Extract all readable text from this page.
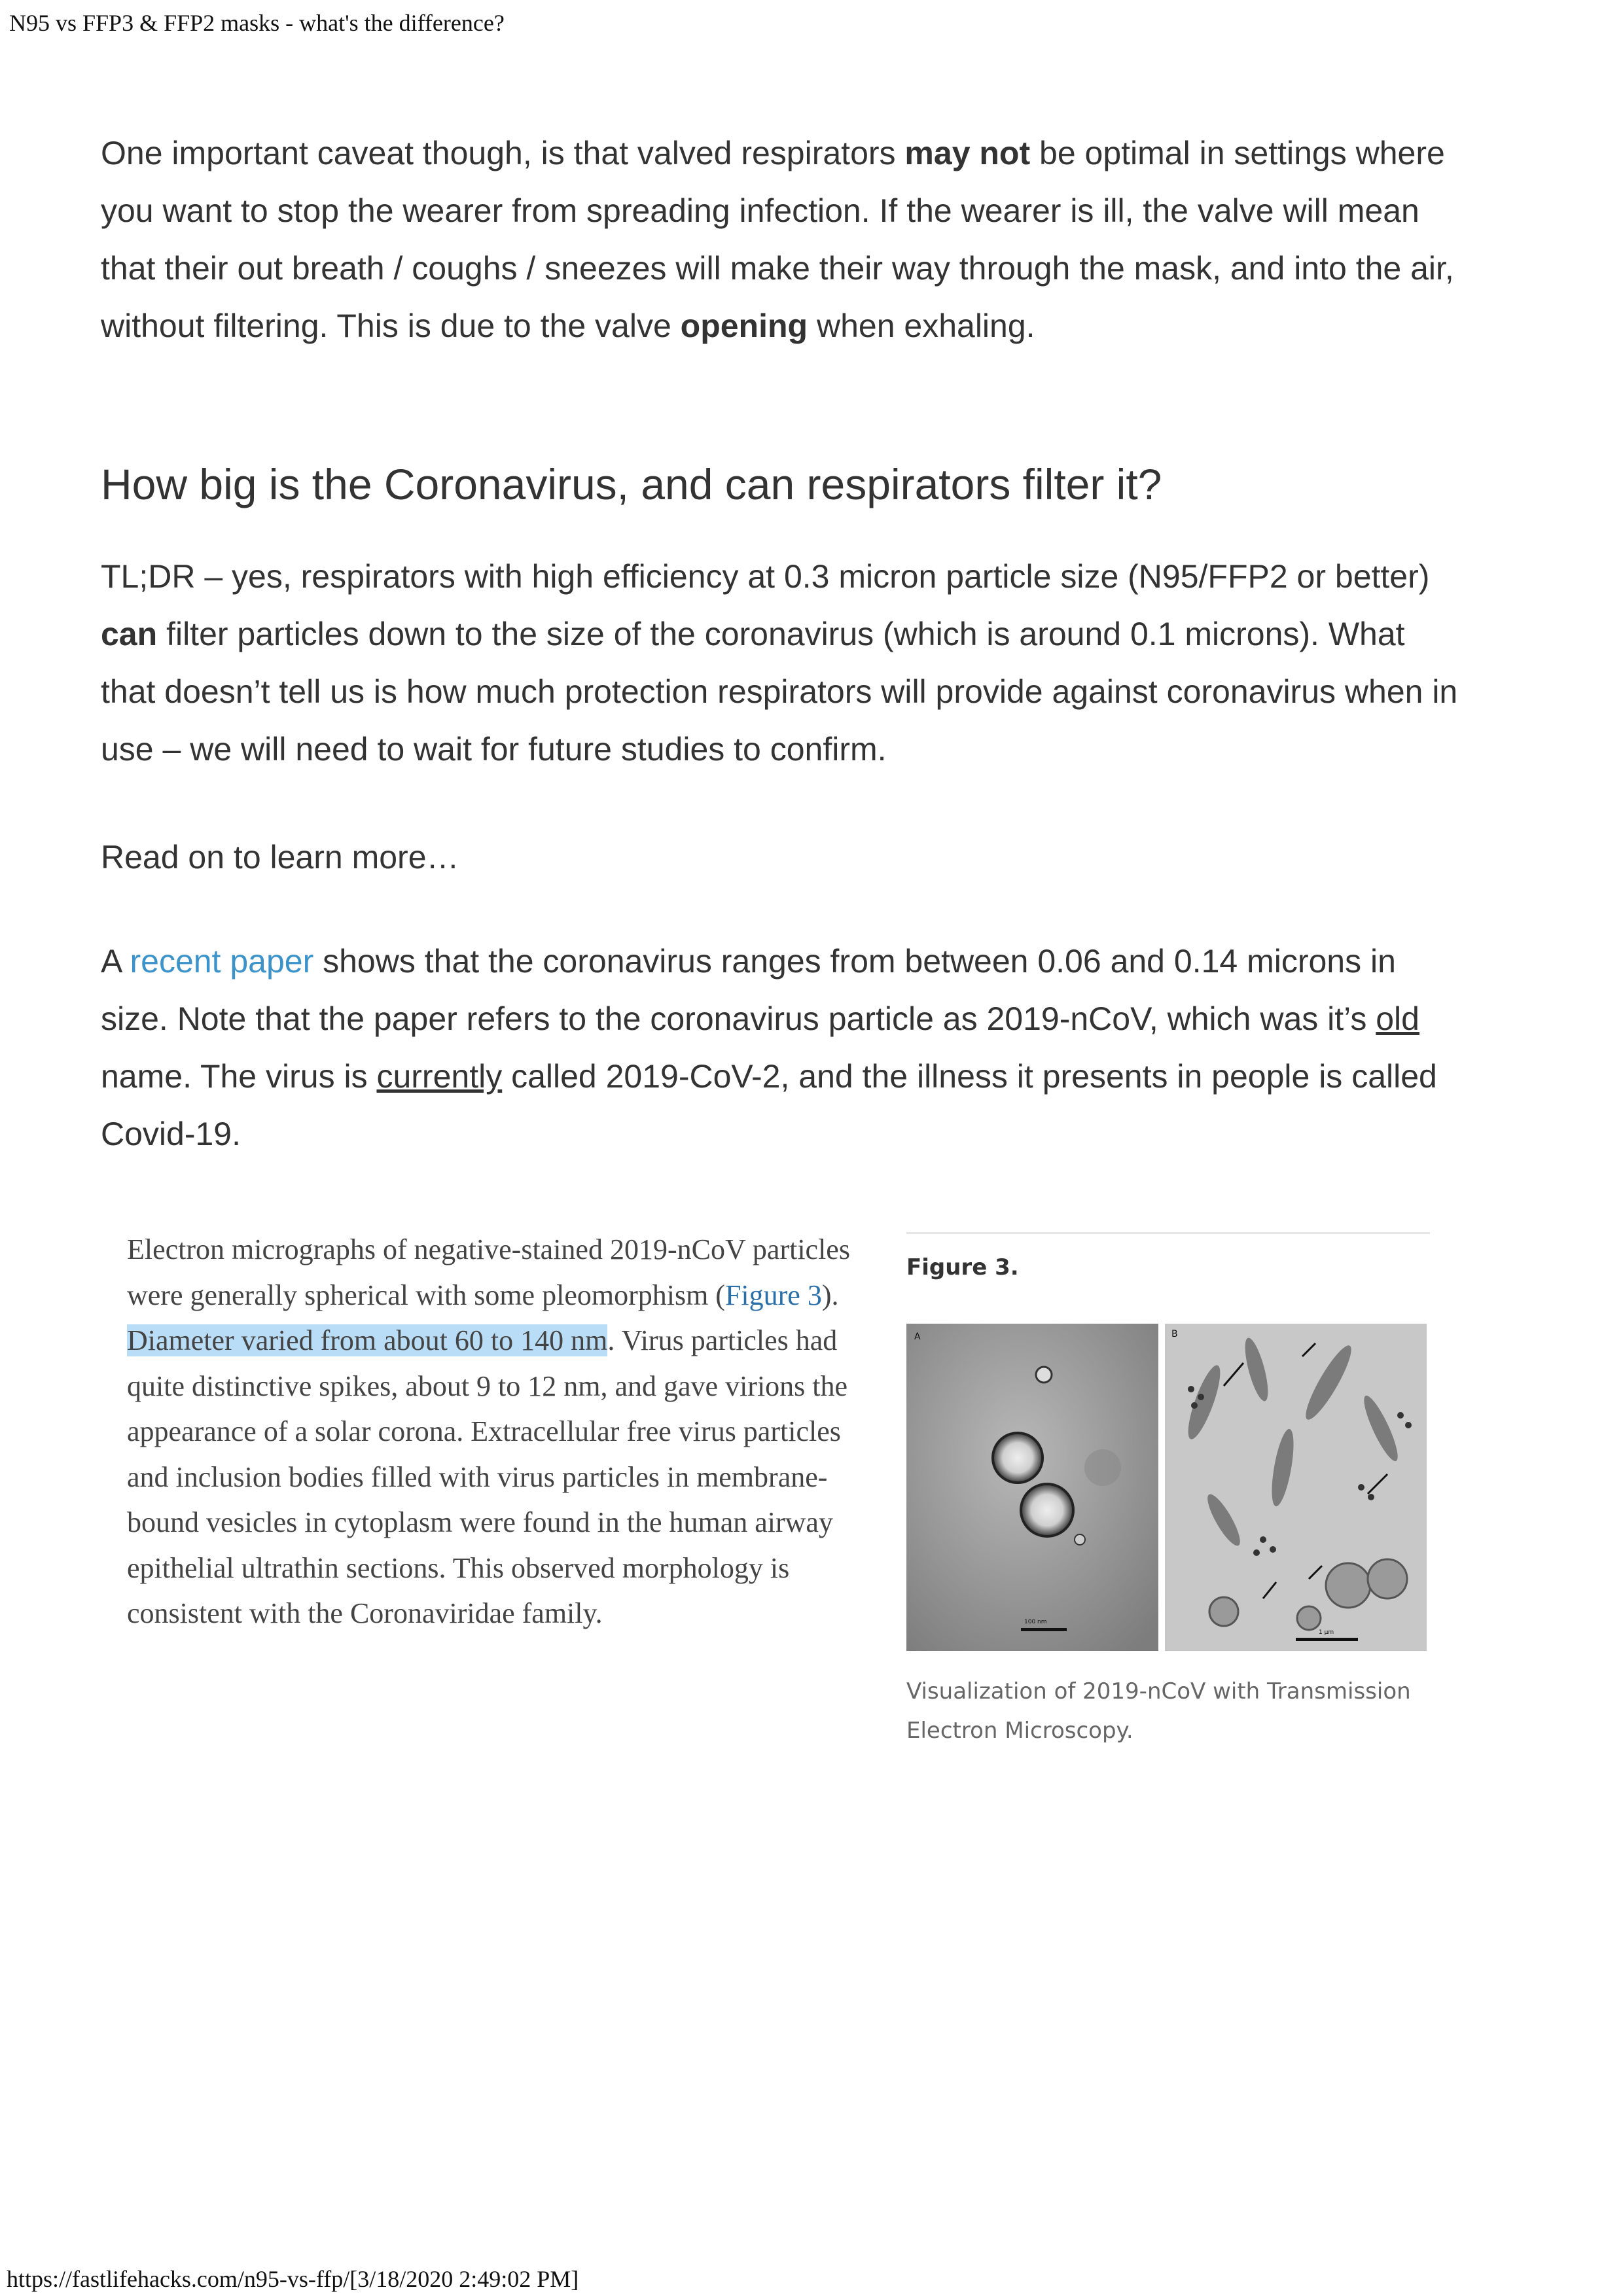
N95 vs FFP3 & FFP2 masks - what's the difference?

One important caveat though, is that valved respirators may not be optimal in settings where you want to stop the wearer from spreading infection. If the wearer is ill, the valve will mean that their out breath / coughs / sneezes will make their way through the mask, and into the air, without filtering. This is due to the valve opening when exhaling.

How big is the Coronavirus, and can respirators filter it?

TL;DR – yes, respirators with high efficiency at 0.3 micron particle size (N95/FFP2 or better) can filter particles down to the size of the coronavirus (which is around 0.1 microns). What that doesn’t tell us is how much protection respirators will provide against coronavirus when in use – we will need to wait for future studies to confirm.

Read on to learn more…

A recent paper shows that the coronavirus ranges from between 0.06 and 0.14 microns in size. Note that the paper refers to the coronavirus particle as 2019-nCoV, which was it’s old name. The virus is currently called 2019-CoV-2, and the illness it presents in people is called Covid-19.

Electron micrographs of negative-stained 2019-nCoV particles were generally spherical with some pleomorphism (Figure 3). Diameter varied from about 60 to 140 nm. Virus particles had quite distinctive spikes, about 9 to 12 nm, and gave virions the appearance of a solar corona. Extracellular free virus particles and inclusion bodies filled with virus particles in membrane-bound vesicles in cytoplasm were found in the human airway epithelial ultrathin sections. This observed morphology is consistent with the Coronaviridae family.
Figure 3.
A
100 nm
B
1 μm
Visualization of 2019-nCoV with Transmission Electron Microscopy.
https://fastlifehacks.com/n95-vs-ffp/[3/18/2020 2:49:02 PM]
